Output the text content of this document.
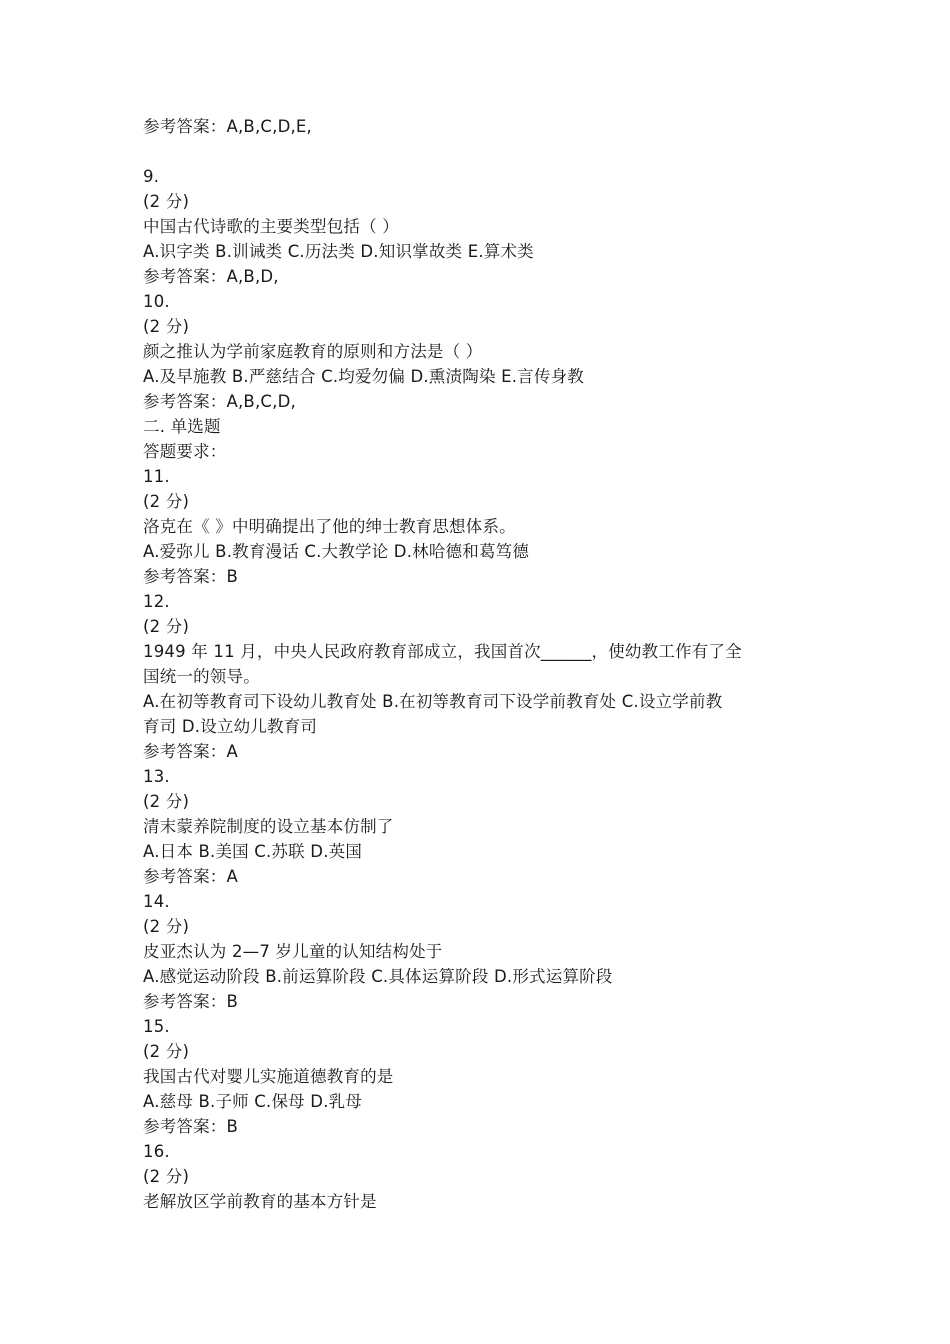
参考答案：A,B,C,D,E,
9.
(2 分)
中国古代诗歌的主要类型包括（ ）
A.识字类 B.训诫类 C.历法类 D.知识掌故类 E.算术类
参考答案：A,B,D,
10.
(2 分)
颜之推认为学前家庭教育的原则和方法是（ ）
A.及早施教 B.严慈结合 C.均爱勿偏 D.熏渍陶染 E.言传身教
参考答案：A,B,C,D,
二. 单选题
答题要求：
11.
(2 分)
洛克在《 》中明确提出了他的绅士教育思想体系。
A.爱弥儿 B.教育漫话 C.大教学论 D.林哈德和葛笃德
参考答案：B
12.
(2 分)
1949 年 11 月，中央人民政府教育部成立，我国首次______，使幼教工作有了全
国统一的领导。
A.在初等教育司下设幼儿教育处 B.在初等教育司下设学前教育处 C.设立学前教
育司 D.设立幼儿教育司
参考答案：A
13.
(2 分)
清末蒙养院制度的设立基本仿制了
A.日本 B.美国 C.苏联 D.英国
参考答案：A
14.
(2 分)
皮亚杰认为 2—7 岁儿童的认知结构处于
A.感觉运动阶段 B.前运算阶段 C.具体运算阶段 D.形式运算阶段
参考答案：B
15.
(2 分)
我国古代对婴儿实施道德教育的是
A.慈母 B.子师 C.保母 D.乳母
参考答案：B
16.
(2 分)
老解放区学前教育的基本方针是
